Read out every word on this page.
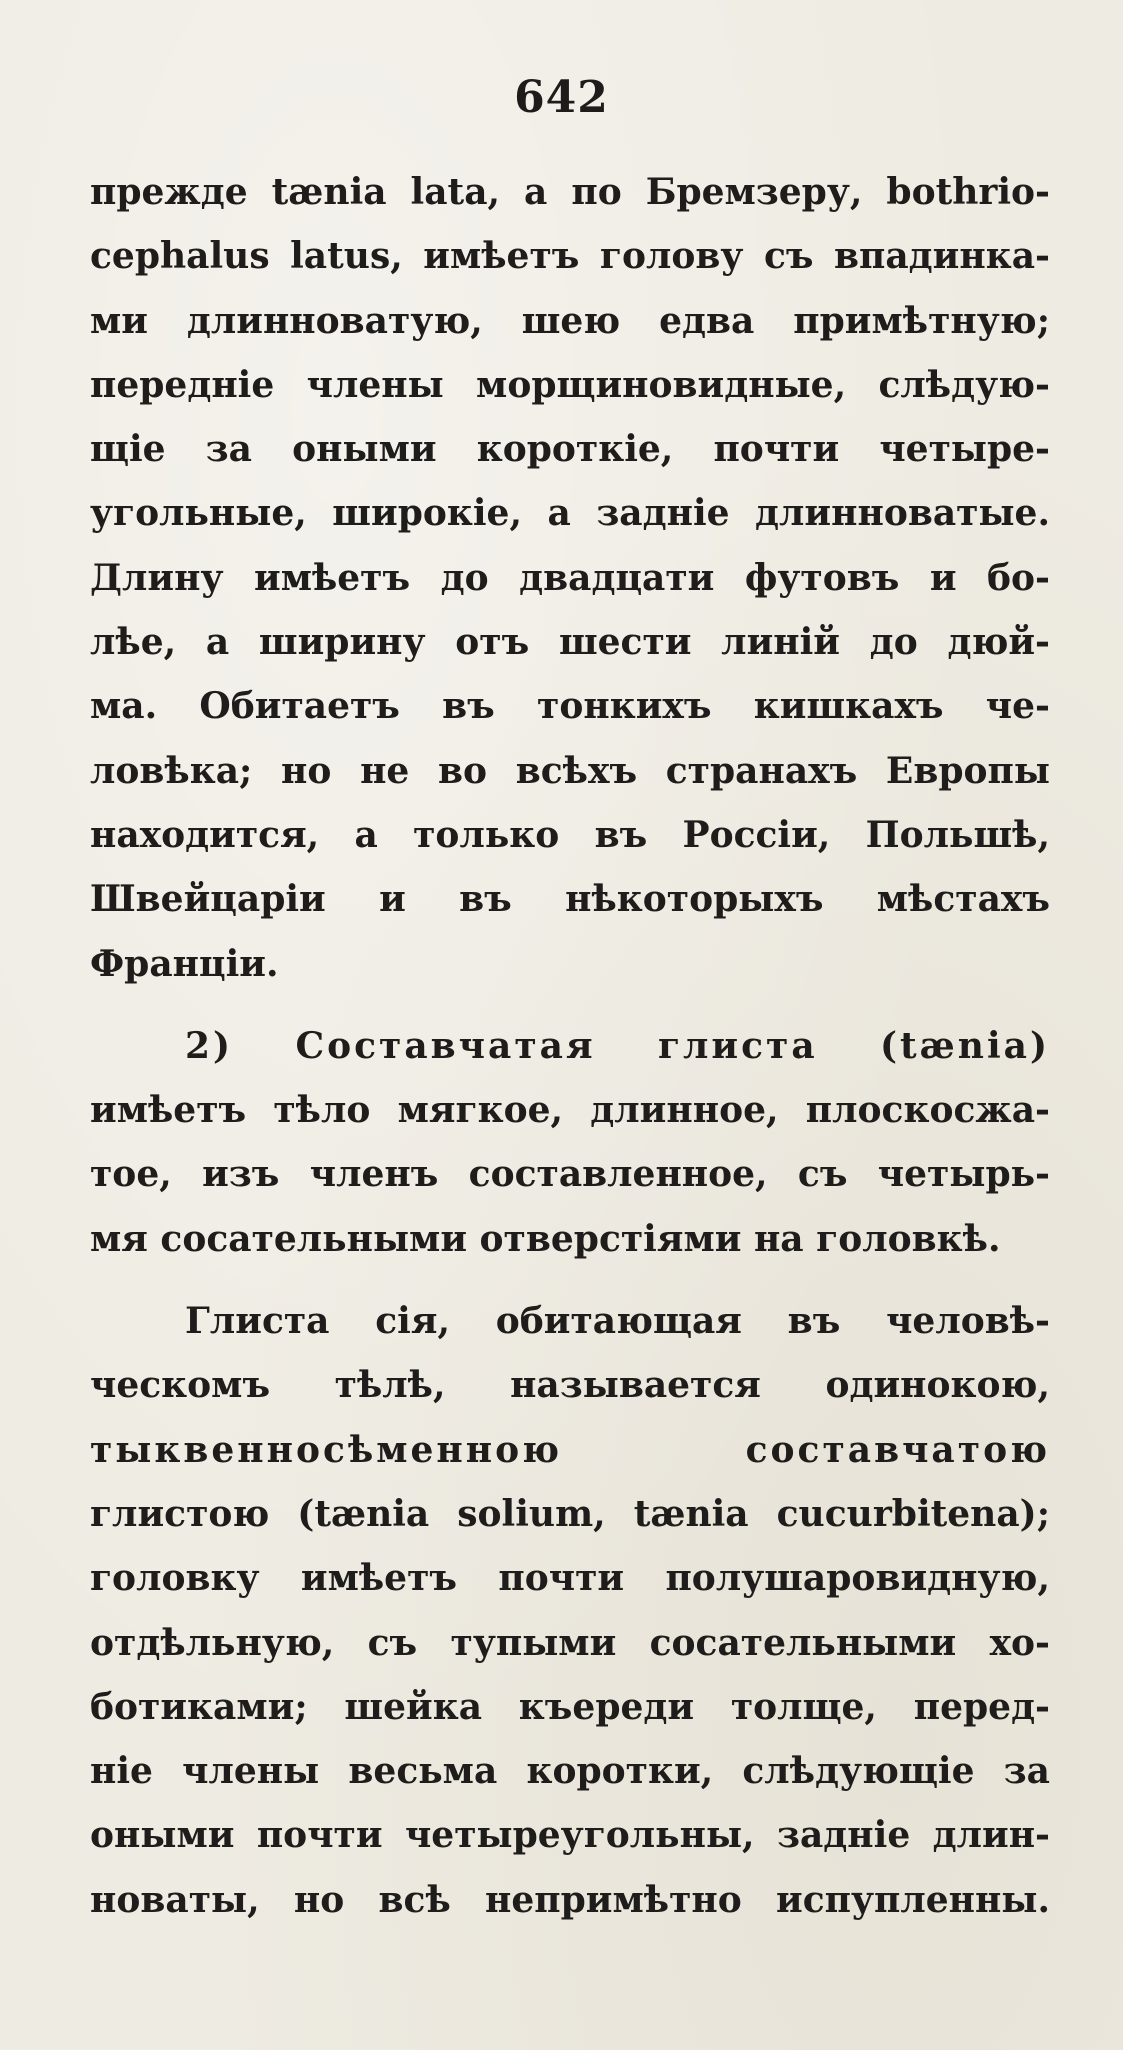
642
прежде tænia lata, а по Бремзеру, bothrio-
cephalus latus, имѣетъ голову съ впадинка-
ми длинноватую, шею едва примѣтную;
передніе члены морщиновидные, слѣдую-
щіе за оными короткіе, почти четыре-
угольные, широкіе, а задніе длинноватые.
Длину имѣетъ до двадцати футовъ и бо-
лѣе, а ширину отъ шести линій до дюй-
ма. Обитаетъ въ тонкихъ кишкахъ че-
ловѣка; но не во всѣхъ странахъ Европы
находится, а только въ Россіи, Польшѣ,
Швейцаріи и въ нѣкоторыхъ мѣстахъ
Франціи.
2) Составчатая глиста (tænia)
имѣетъ тѣло мягкое, длинное, плоскосжа-
тое, изъ членъ составленное, съ четырь-
мя сосательными отверстіями на головкѣ.
Глиста сія, обитающая въ человѣ-
ческомъ тѣлѣ, называется одинокою,
тыквенносѣменною составчатою
глистою (tænia solium, tænia cucurbitena);
головку имѣетъ почти полушаровидную,
отдѣльную, съ тупыми сосательными хо-
ботиками; шейка къереди толще, перед-
ніе члены весьма коротки, слѣдующіе за
оными почти четыреугольны, задніе длин-
новаты, но всѣ непримѣтно испупленны.
